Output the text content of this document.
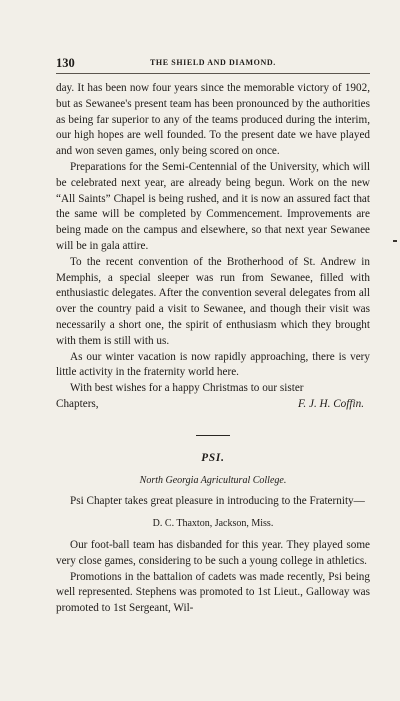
130	THE SHIELD AND DIAMOND.

day. It has been now four years since the memorable victory of 1902, but as Sewanee's present team has been pronounced by the authorities as being far superior to any of the teams produced during the interim, our high hopes are well founded. To the present date we have played and won seven games, only being scored on once.

Preparations for the Semi-Centennial of the University, which will be celebrated next year, are already being begun. Work on the new “All Saints” Chapel is being rushed, and it is now an assured fact that the same will be completed by Commencement. Improvements are being made on the campus and elsewhere, so that next year Sewanee will be in gala attire.

To the recent convention of the Brotherhood of St. Andrew in Memphis, a special sleeper was run from Sewanee, filled with enthusiastic delegates. After the convention several delegates from all over the country paid a visit to Sewanee, and though their visit was necessarily a short one, the spirit of enthusiasm which they brought with them is still with us.

As our winter vacation is now rapidly approaching, there is very little activity in the fraternity world here.

With best wishes for a happy Christmas to our sister

Chapters,	F. J. H. Coffin.
PSI.
North Georgia Agricultural College.

Psi Chapter takes great pleasure in introducing to the Fraternity—

D. C. Thaxton, Jackson, Miss.

Our foot-ball team has disbanded for this year. They played some very close games, considering to be such a young college in athletics.

Promotions in the battalion of cadets was made recently, Psi being well represented. Stephens was promoted to 1st Lieut., Galloway was promoted to 1st Sergeant, Wil-
